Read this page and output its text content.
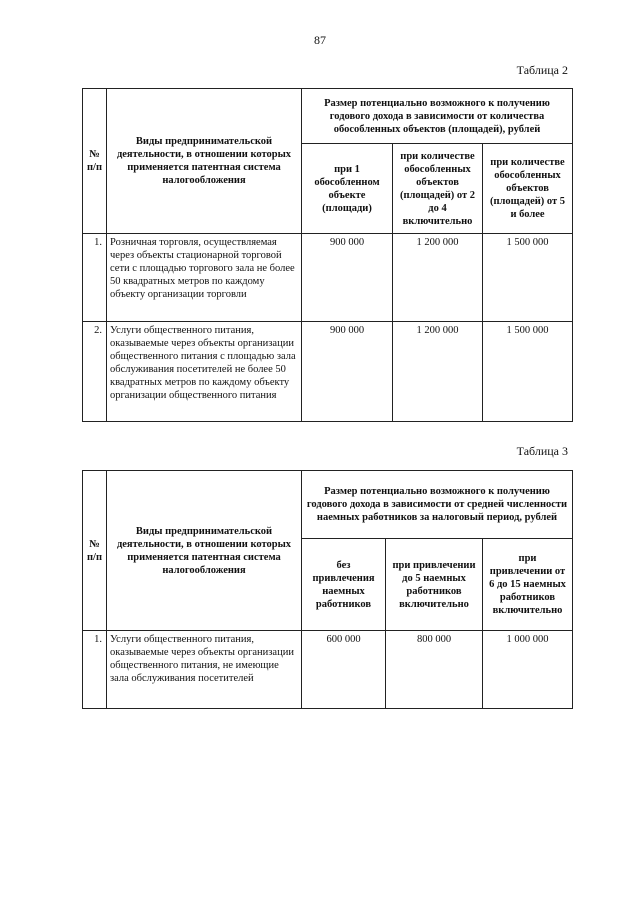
87
Таблица 2
№ п/п	Виды предпринимательской деятельности, в отношении которых применяется патентная система налогообложения	Размер потенциально возможного к получению годового дохода в зависимости от количества обособленных объектов (площадей), рублей		
		при 1 обособленном объекте (площади)	при количестве обособленных объектов (площадей) от 2 до 4 включительно	при количестве обособленных объектов (площадей) от 5 и более
1.	Розничная торговля, осуществляемая через объекты стационарной торговой сети с площадью торгового зала не более 50 квадратных метров по каждому объекту организации торговли	900 000	1 200 000	1 500 000
2.	Услуги общественного питания, оказываемые через объекты организации общественного питания с площадью зала обслуживания посетителей не более 50 квадратных метров по каждому объекту организации общественного питания	900 000	1 200 000	1 500 000
Таблица 3
№ п/п	Виды предпринимательской деятельности, в отношении которых применяется патентная система налогообложения	Размер потенциально возможного к получению годового дохода в зависимости от средней численности наемных работников за налоговый период, рублей		
		без привлечения наемных работников	при привлечении до 5 наемных работников включительно	при привлечении от 6 до 15 наемных работников включительно
1.	Услуги общественного питания, оказываемые через объекты организации общественного питания, не имеющие зала обслуживания посетителей	600 000	800 000	1 000 000
